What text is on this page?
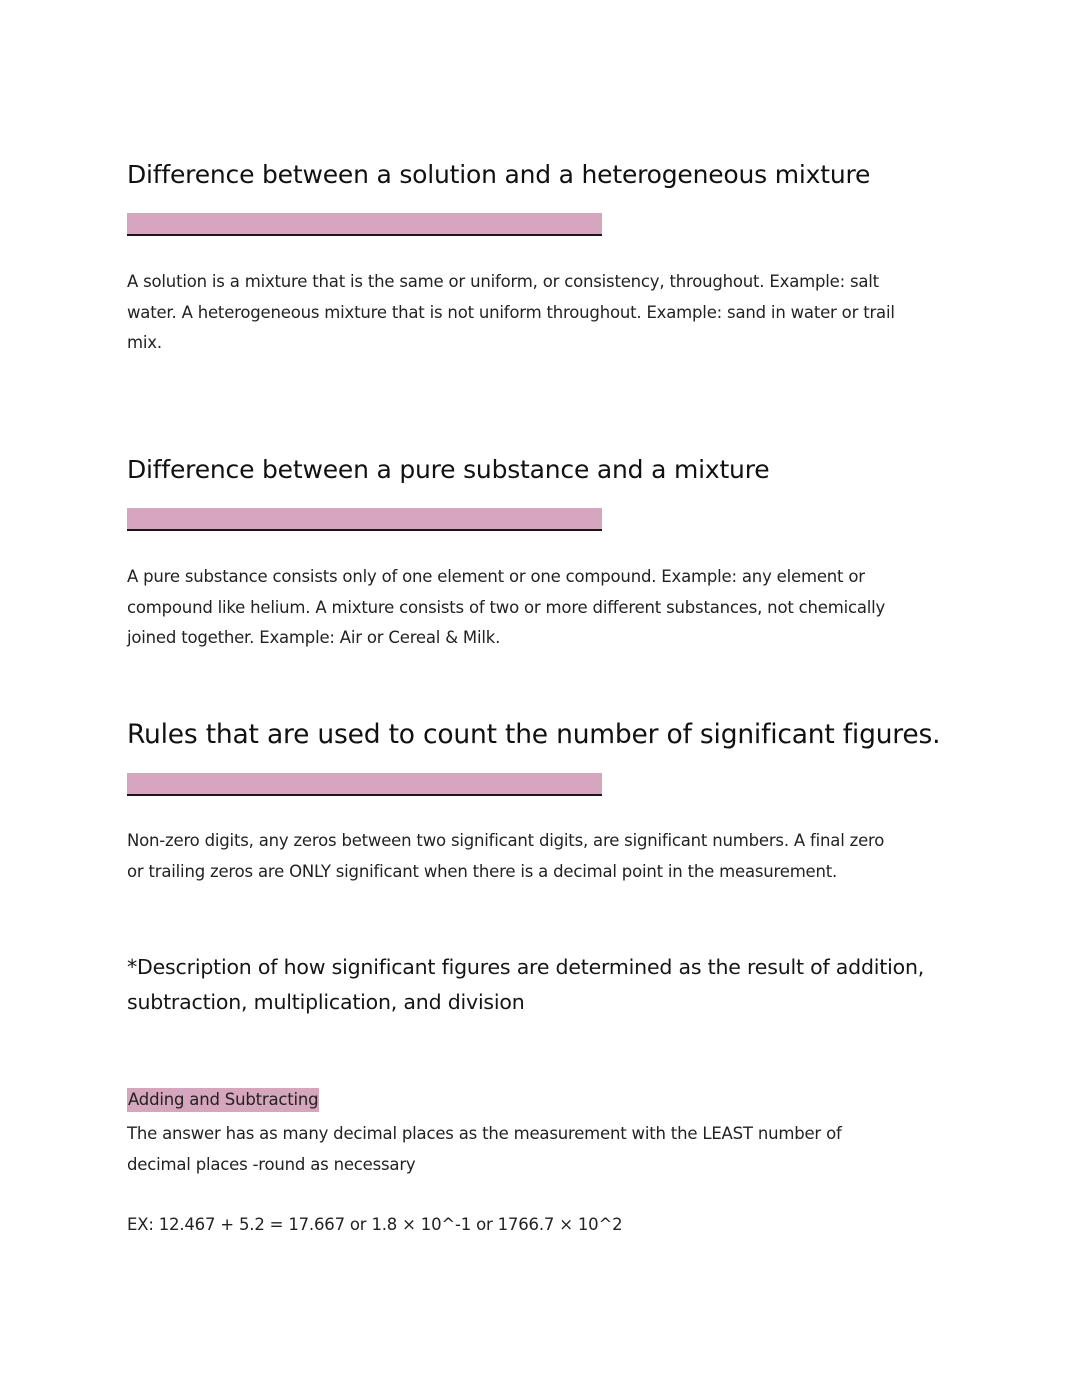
Difference between a solution and a heterogeneous mixture

A solution is a mixture that is the same or uniform, or consistency, throughout. Example: salt
water. A heterogeneous mixture that is not uniform throughout. Example: sand in water or trail
mix.

Difference between a pure substance and a mixture

A pure substance consists only of one element or one compound. Example: any element or
compound like helium. A mixture consists of two or more different substances, not chemically
joined together. Example: Air or Cereal & Milk.

Rules that are used to count the number of significant figures.

Non-zero digits, any zeros between two significant digits, are significant numbers. A final zero
or trailing zeros are ONLY significant when there is a decimal point in the measurement.

*Description of how significant figures are determined as the result of addition,
subtraction, multiplication, and division

Adding and Subtracting

The answer has as many decimal places as the measurement with the LEAST number of
decimal places -round as necessary

EX: 12.467 + 5.2 = 17.667 or 1.8 × 10^-1 or 1766.7 × 10^2
